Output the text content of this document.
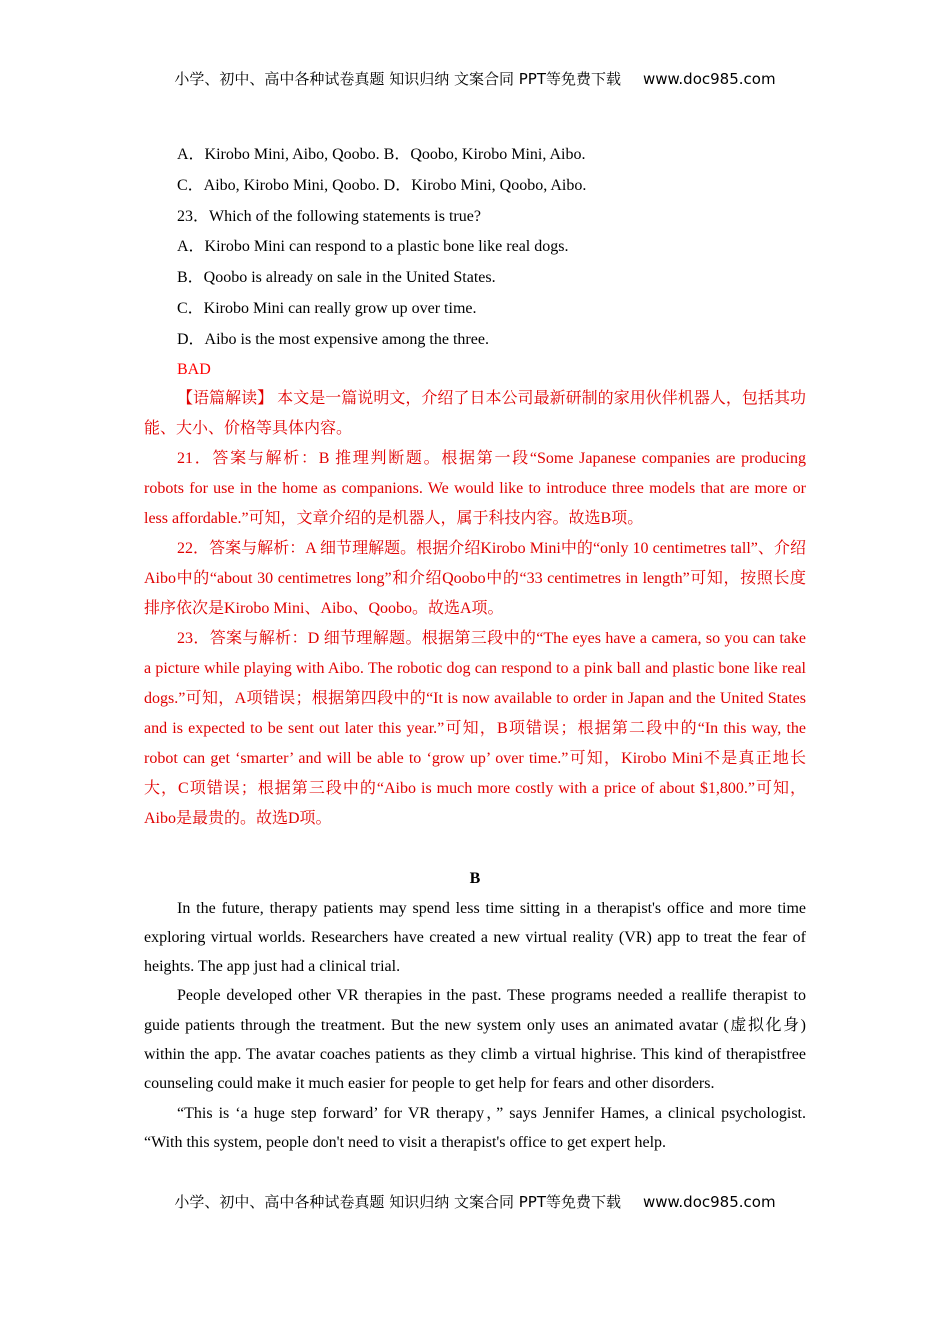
小学、初中、高中各种试卷真题 知识归纳 文案合同 PPT等免费下载 www.doc985.com

A．Kirobo Mini, Aibo, Qoobo. B．Qoobo, Kirobo Mini, Aibo.

C．Aibo, Kirobo Mini, Qoobo. D．Kirobo Mini, Qoobo, Aibo.

23．Which of the following statements is true?

A．Kirobo Mini can respond to a plastic bone like real dogs.

B．Qoobo is already on sale in the United States.

C．Kirobo Mini can really grow up over time.

D．Aibo is the most expensive among the three.

BAD

【语篇解读】 本文是一篇说明文，介绍了日本公司最新研制的家用伙伴机器人，包括其功能、大小、价格等具体内容。

21．答案与解析：B 推理判断题。根据第一段“Some Japanese companies are producing robots for use in the home as companions. We would like to introduce three models that are more or less affordable.”可知，文章介绍的是机器人，属于科技内容。故选B项。

22．答案与解析：A 细节理解题。根据介绍Kirobo Mini中的“only 10 centimetres tall”、介绍Aibo中的“about 30 centimetres long”和介绍Qoobo中的“33 centimetres in length”可知，按照长度排序依次是Kirobo Mini、Aibo、Qoobo。故选A项。

23．答案与解析：D 细节理解题。根据第三段中的“The eyes have a camera, so you can take a picture while playing with Aibo. The robotic dog can respond to a pink ball and plastic bone like real dogs.”可知，A项错误；根据第四段中的“It is now available to order in Japan and the United States and is expected to be sent out later this year.”可知，B项错误；根据第二段中的“In this way, the robot can get ‘smarter’ and will be able to ‘grow up’ over time.”可知，Kirobo Mini不是真正地长大，C项错误；根据第三段中的“Aibo is much more costly with a price of about $1,800.”可知，Aibo是最贵的。故选D项。

B

In the future, therapy patients may spend less time sitting in a therapist's office and more time exploring virtual worlds. Researchers have created a new virtual reality (VR) app to treat the fear of heights. The app just had a clinical trial.

People developed other VR therapies in the past. These programs needed a reallife therapist to guide patients through the treatment. But the new system only uses an animated avatar (虚拟化身) within the app. The avatar coaches patients as they climb a virtual highrise. This kind of therapistfree counseling could make it much easier for people to get help for fears and other disorders.

“This is ‘a huge step forward’ for VR therapy，” says Jennifer Hames, a clinical psychologist. “With this system, people don't need to visit a therapist's office to get expert help.

小学、初中、高中各种试卷真题 知识归纳 文案合同 PPT等免费下载 www.doc985.com
